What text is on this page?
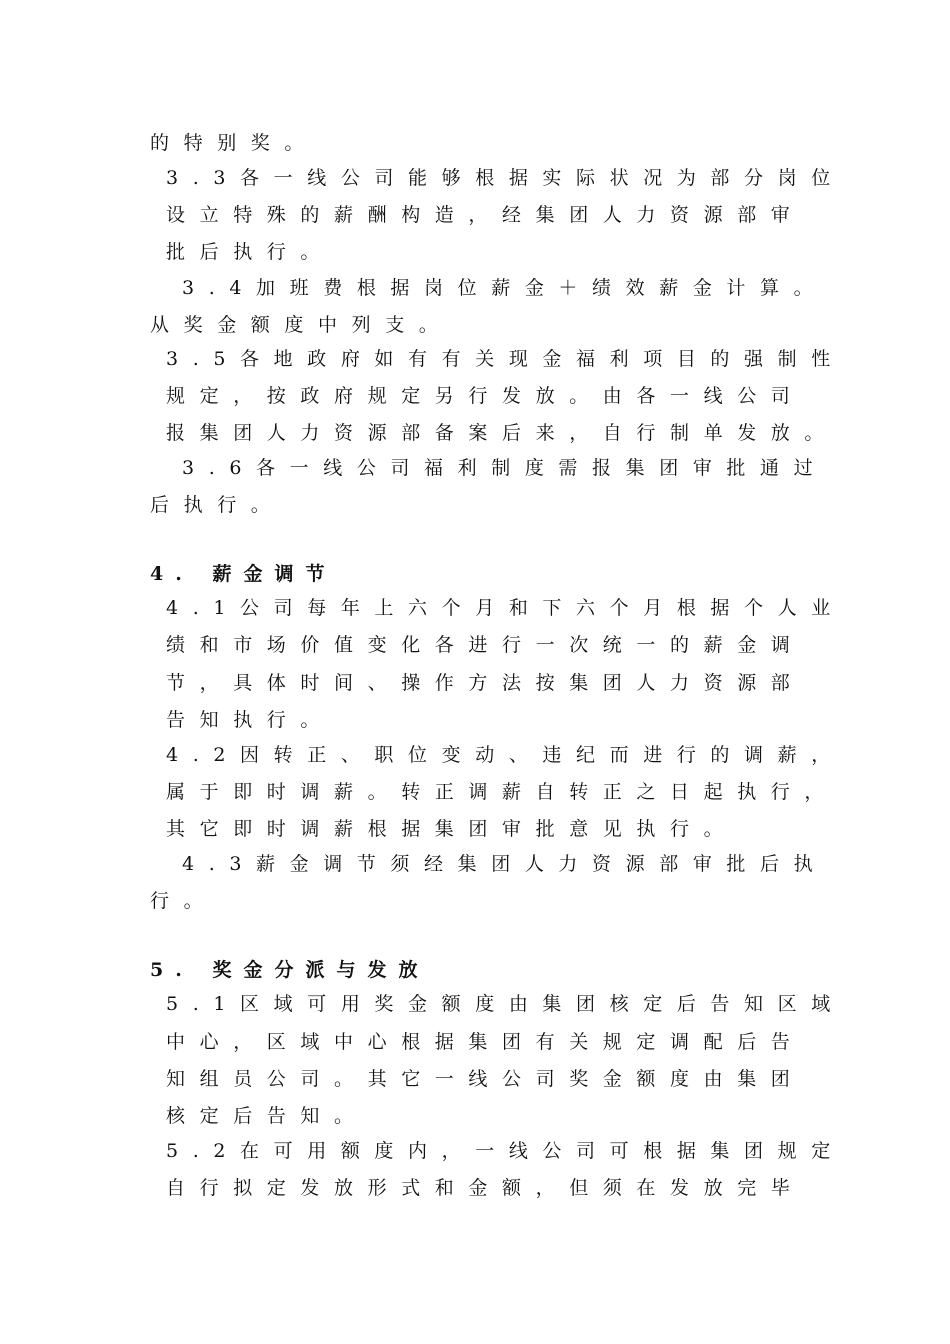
的特别奖。
3.3各一线公司能够根据实际状况为部分岗位
设立特殊的薪酬构造，经集团人力资源部审
批后执行。
3.4加班费根据岗位薪金＋绩效薪金计算。
从奖金额度中列支。
3.5各地政府如有有关现金福利项目的强制性
规定，按政府规定另行发放。由各一线公司
报集团人力资源部备案后来，自行制单发放。
3.6各一线公司福利制度需报集团审批通过
后执行。
4. 薪金调节
4.1公司每年上六个月和下六个月根据个人业
绩和市场价值变化各进行一次统一的薪金调
节，具体时间、操作方法按集团人力资源部
告知执行。
4.2因转正、职位变动、违纪而进行的调薪，
属于即时调薪。转正调薪自转正之日起执行，
其它即时调薪根据集团审批意见执行。
4.3薪金调节须经集团人力资源部审批后执
行。
5. 奖金分派与发放
5.1区域可用奖金额度由集团核定后告知区域
中心，区域中心根据集团有关规定调配后告
知组员公司。其它一线公司奖金额度由集团
核定后告知。
5.2在可用额度内，一线公司可根据集团规定
自行拟定发放形式和金额，但须在发放完毕
